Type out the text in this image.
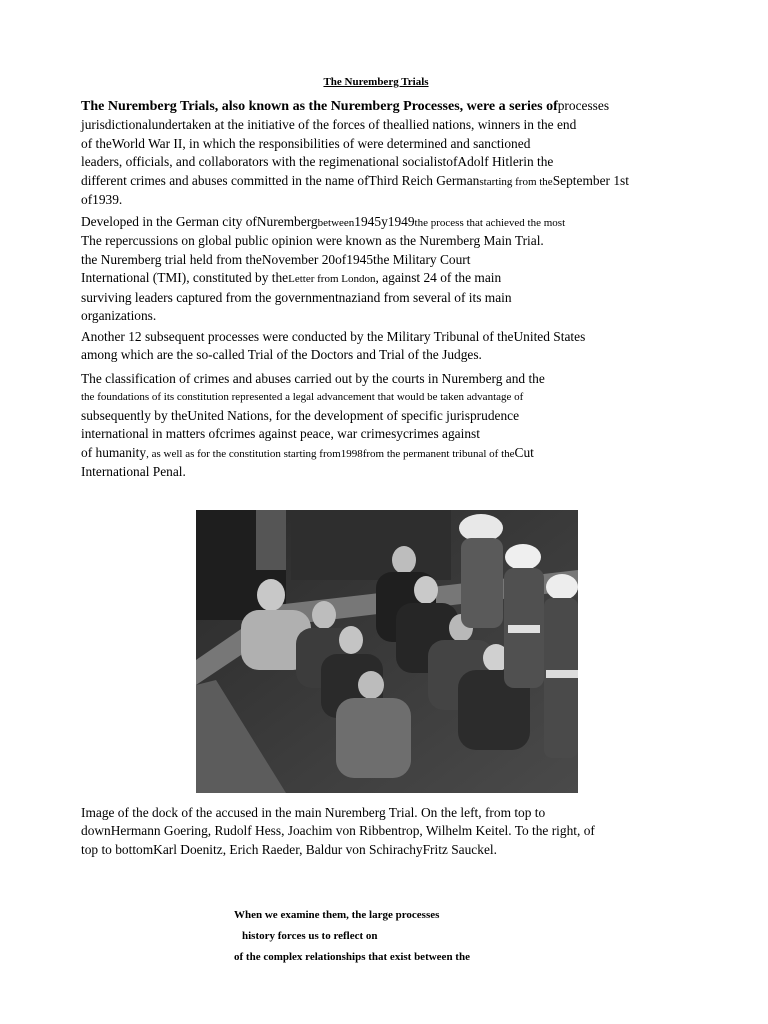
The Nuremberg Trials
The Nuremberg Trials, also known as the Nuremberg Processes, were a series ofprocesses
jurisdictionalundertaken at the initiative of the forces of theallied nations, winners in the end
of theWorld War II, in which the responsibilities of were determined and sanctioned
leaders, officials, and collaborators with the regimenational socialistofAdolf Hitlerin the
different crimes and abuses committed in the name ofThird Reich Germanstarting from theSeptember 1st
of1939.
Developed in the German city ofNurembergbetween1945y1949the process that achieved the most
The repercussions on global public opinion were known as the Nuremberg Main Trial.
the Nuremberg trial held from theNovember 20of1945the Military Court
International (TMI), constituted by theLetter from London, against 24 of the main
surviving leaders captured from the governmentnaziand from several of its main
organizations.
Another 12 subsequent processes were conducted by the Military Tribunal of theUnited States
among which are the so-called Trial of the Doctors and Trial of the Judges.
The classification of crimes and abuses carried out by the courts in Nuremberg and the
the foundations of its constitution represented a legal advancement that would be taken advantage of
subsequently by theUnited Nations, for the development of specific jurisprudence
international in matters ofcrimes against peace, war crimesycrimes against
of humanity, as well as for the constitution starting from1998from the permanent tribunal of theCut
International Penal.
Image of the dock of the accused in the main Nuremberg Trial. On the left, from top to
downHermann Goering, Rudolf Hess, Joachim von Ribbentrop, Wilhelm Keitel. To the right, of
top to bottomKarl Doenitz, Erich Raeder, Baldur von SchirachyFritz Sauckel.
When we examine them, the large processes
history forces us to reflect on
of the complex relationships that exist between the
